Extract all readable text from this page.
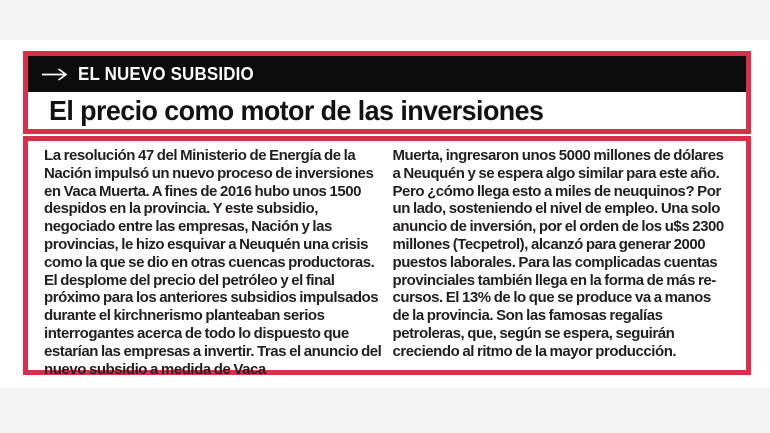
EL NUEVO SUBSIDIO
El precio como motor de las inversiones

La resolución 47 del Ministerio de Energía de la Nación impulsó un nuevo proceso de inversiones en Vaca Muerta. A fines de 2016 hubo unos 1500 despidos en la provincia. Y este subsidio, negociado entre las empresas, Nación y las provincias, le hizo esquivar a Neuquén una crisis como la que se dio en otras cuencas productoras. El desplome del precio del petróleo y el final próximo para los anteriores subsidios impulsados durante el kirchnerismo planteaban serios interrogantes acerca de todo lo dispuesto que estarían las empresas a invertir. Tras el anuncio del nuevo subsidio a medida de Vaca

Muerta, ingresaron unos 5000 millones de dólares a Neuquén y se espera algo similar para este año. Pero ¿cómo llega esto a miles de neuquinos? Por un lado, sosteniendo el nivel de empleo. Una solo anuncio de inversión, por el orden de los u$s 2300 millones (Tecpetrol), alcanzó para generar 2000 puestos laborales. Para las complicadas cuentas provinciales también llega en la forma de más re-cursos. El 13% de lo que se produce va a manos de la provincia. Son las famosas regalías petroleras, que, según se espera, seguirán creciendo al ritmo de la mayor producción.
